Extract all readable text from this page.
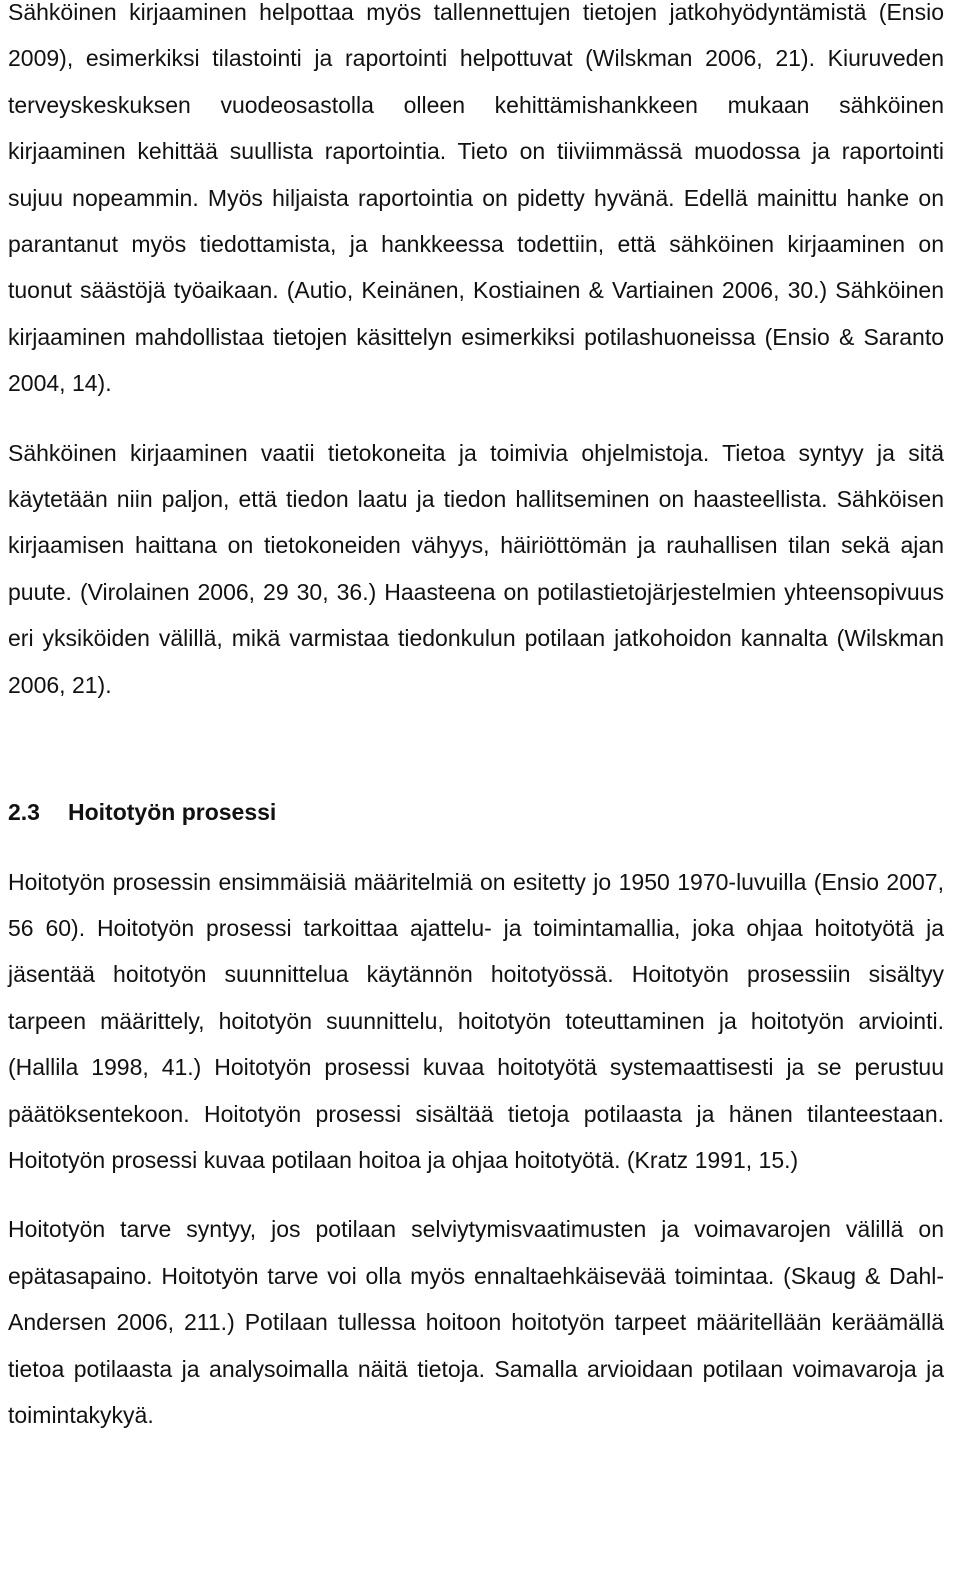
Sähköinen kirjaaminen helpottaa myös tallennettujen tietojen jatkohyödyntämistä (Ensio 2009), esimerkiksi tilastointi ja raportointi helpottuvat (Wilskman 2006, 21). Kiuruveden terveyskeskuksen vuodeosastolla olleen kehittämishankkeen mukaan sähköinen kirjaaminen kehittää suullista raportointia. Tieto on tiiviimmässä muodossa ja raportointi sujuu nopeammin. Myös hiljaista raportointia on pidetty hyvänä. Edellä mainittu hanke on parantanut myös tiedottamista, ja hankkeessa todettiin, että sähköinen kirjaaminen on tuonut säästöjä työaikaan. (Autio, Keinänen, Kostiainen & Vartiainen 2006, 30.) Sähköinen kirjaaminen mahdollistaa tietojen käsittelyn esimerkiksi potilashuoneissa (Ensio & Saranto 2004, 14).

Sähköinen kirjaaminen vaatii tietokoneita ja toimivia ohjelmistoja. Tietoa syntyy ja sitä käytetään niin paljon, että tiedon laatu ja tiedon hallitseminen on haasteellista. Sähköisen kirjaamisen haittana on tietokoneiden vähyys, häiriöttömän ja rauhallisen tilan sekä ajan puute. (Virolainen 2006, 29 30, 36.) Haasteena on potilastietojärjestelmien yhteensopivuus eri yksiköiden välillä, mikä varmistaa tiedonkulun potilaan jatkohoidon kannalta (Wilskman 2006, 21).

2.3 Hoitotyön prosessi

Hoitotyön prosessin ensimmäisiä määritelmiä on esitetty jo 1950 1970-luvuilla (Ensio 2007, 56 60). Hoitotyön prosessi tarkoittaa ajattelu- ja toimintamallia, joka ohjaa hoitotyötä ja jäsentää hoitotyön suunnittelua käytännön hoitotyössä. Hoitotyön prosessiin sisältyy tarpeen määrittely, hoitotyön suunnittelu, hoitotyön toteuttaminen ja hoitotyön arviointi. (Hallila 1998, 41.) Hoitotyön prosessi kuvaa hoitotyötä systemaattisesti ja se perustuu päätöksentekoon. Hoitotyön prosessi sisältää tietoja potilaasta ja hänen tilanteestaan. Hoitotyön prosessi kuvaa potilaan hoitoa ja ohjaa hoitotyötä. (Kratz 1991, 15.)

Hoitotyön tarve syntyy, jos potilaan selviytymisvaatimusten ja voimavarojen välillä on epätasapaino. Hoitotyön tarve voi olla myös ennaltaehkäisevää toimintaa. (Skaug & Dahl-Andersen 2006, 211.) Potilaan tullessa hoitoon hoitotyön tarpeet määritellään keräämällä tietoa potilaasta ja analysoimalla näitä tietoja. Samalla arvioidaan potilaan voimavaroja ja toimintakykyä.
